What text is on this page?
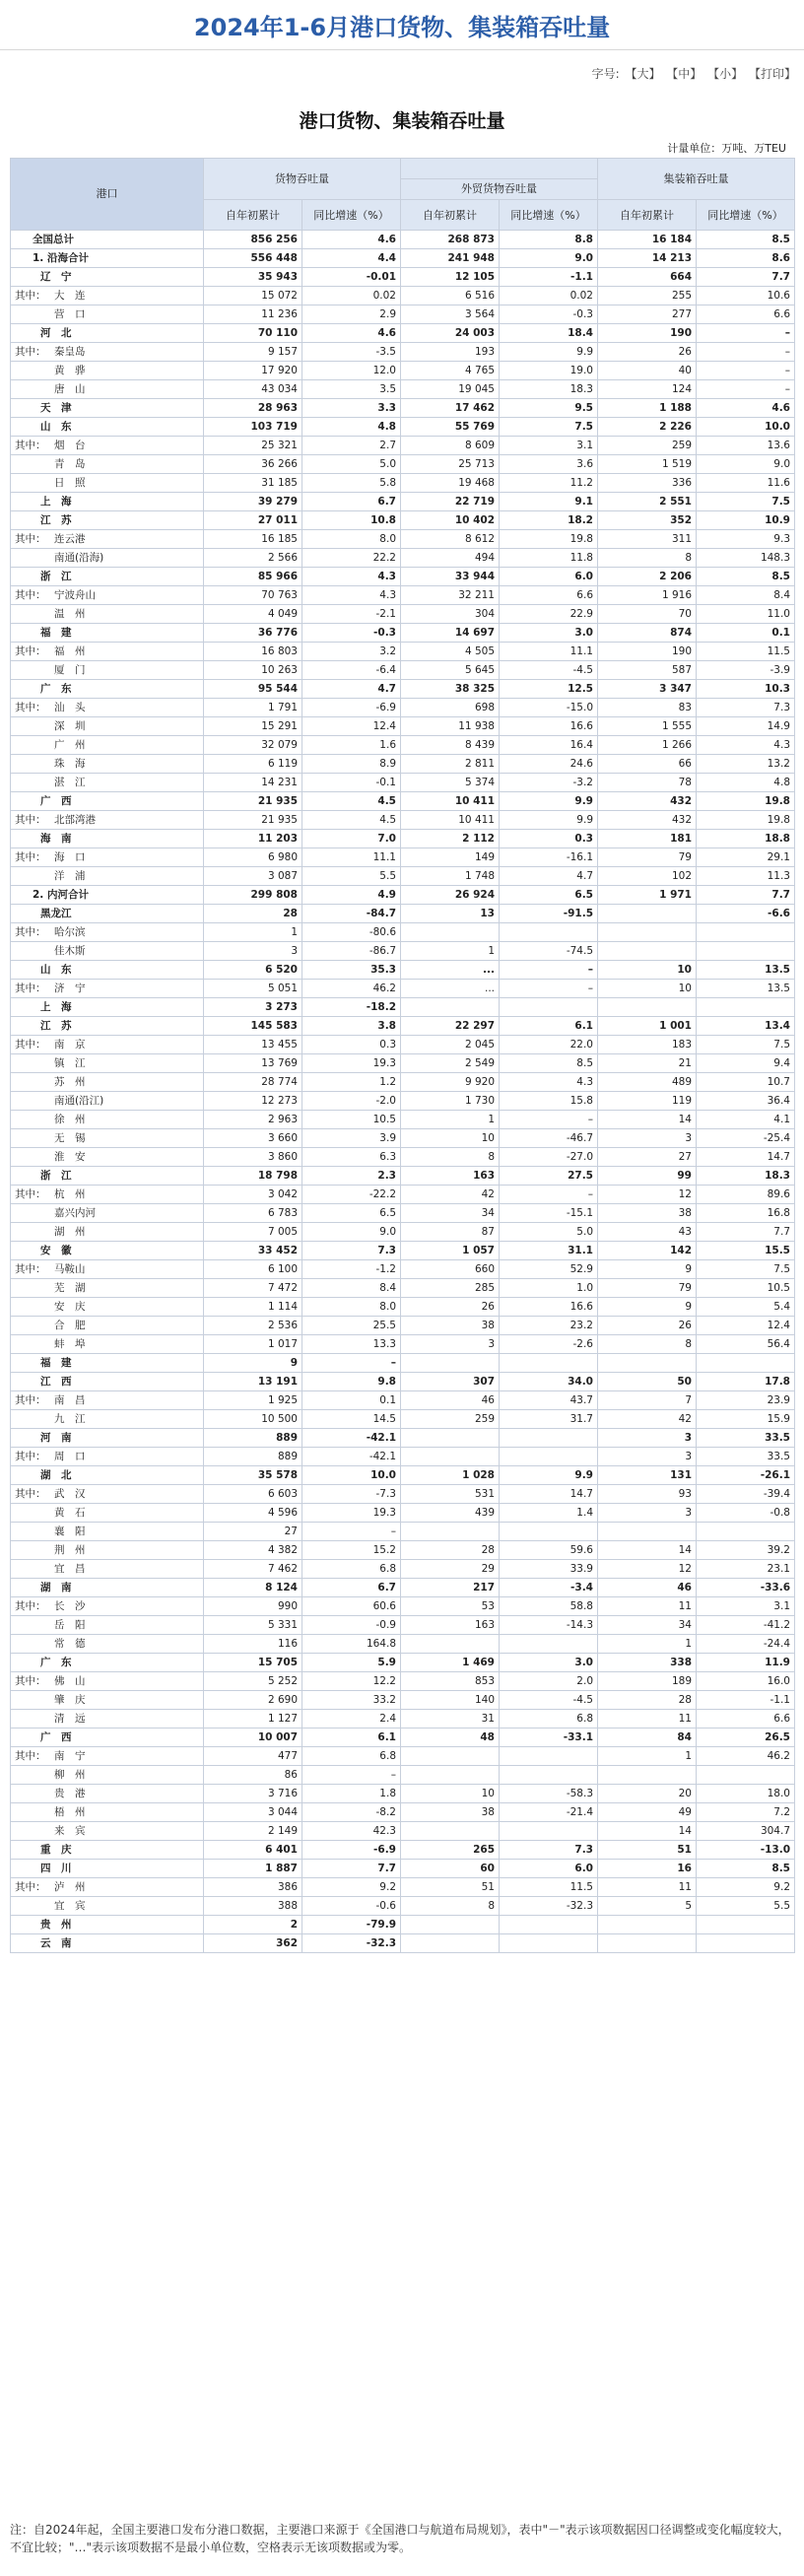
2024年1-6月港口货物、集装箱吞吐量
字号: 【大】 【中】 【小】 【打印】
港口货物、集装箱吞吐量
计量单位：万吨、万TEU
港口	货物吞吐量				集装箱吞吐量	
			外贸货物吞吐量			
	自年初累计	同比增速（%）	自年初累计	同比增速（%）	自年初累计	同比增速（%）
全国总计	856 256	4.6	268 873	8.8	16 184	8.5
1. 沿海合计	556 448	4.4	241 948	9.0	14 213	8.6
辽　宁	35 943	-0.01	12 105	-1.1	664	7.7
其中： 大　连	15 072	0.02	6 516	0.02	255	10.6
营　口	11 236	2.9	3 564	-0.3	277	6.6
河　北	70 110	4.6	24 003	18.4	190	–
其中： 秦皇岛	9 157	-3.5	193	9.9	26	–
黄　骅	17 920	12.0	4 765	19.0	40	–
唐　山	43 034	3.5	19 045	18.3	124	–
天　津	28 963	3.3	17 462	9.5	1 188	4.6
山　东	103 719	4.8	55 769	7.5	2 226	10.0
其中： 烟　台	25 321	2.7	8 609	3.1	259	13.6
青　岛	36 266	5.0	25 713	3.6	1 519	9.0
日　照	31 185	5.8	19 468	11.2	336	11.6
上　海	39 279	6.7	22 719	9.1	2 551	7.5
江　苏	27 011	10.8	10 402	18.2	352	10.9
其中： 连云港	16 185	8.0	8 612	19.8	311	9.3
南通(沿海)	2 566	22.2	494	11.8	8	148.3
浙　江	85 966	4.3	33 944	6.0	2 206	8.5
其中： 宁波舟山	70 763	4.3	32 211	6.6	1 916	8.4
温　州	4 049	-2.1	304	22.9	70	11.0
福　建	36 776	-0.3	14 697	3.0	874	0.1
其中： 福　州	16 803	3.2	4 505	11.1	190	11.5
厦　门	10 263	-6.4	5 645	-4.5	587	-3.9
广　东	95 544	4.7	38 325	12.5	3 347	10.3
其中： 汕　头	1 791	-6.9	698	-15.0	83	7.3
深　圳	15 291	12.4	11 938	16.6	1 555	14.9
广　州	32 079	1.6	8 439	16.4	1 266	4.3
珠　海	6 119	8.9	2 811	24.6	66	13.2
湛　江	14 231	-0.1	5 374	-3.2	78	4.8
广　西	21 935	4.5	10 411	9.9	432	19.8
其中： 北部湾港	21 935	4.5	10 411	9.9	432	19.8
海　南	11 203	7.0	2 112	0.3	181	18.8
其中： 海　口	6 980	11.1	149	-16.1	79	29.1
洋　浦	3 087	5.5	1 748	4.7	102	11.3
2. 内河合计	299 808	4.9	26 924	6.5	1 971	7.7
黑龙江	28	-84.7	13	-91.5		-6.6
其中： 哈尔滨	1	-80.6				
佳木斯	3	-86.7	1	-74.5		
山　东	6 520	35.3	...	–	10	13.5
其中： 济　宁	5 051	46.2	...	–	10	13.5
上　海	3 273	-18.2				
江　苏	145 583	3.8	22 297	6.1	1 001	13.4
其中： 南　京	13 455	0.3	2 045	22.0	183	7.5
镇　江	13 769	19.3	2 549	8.5	21	9.4
苏　州	28 774	1.2	9 920	4.3	489	10.7
南通(沿江)	12 273	-2.0	1 730	15.8	119	36.4
徐　州	2 963	10.5	1	–	14	4.1
无　锡	3 660	3.9	10	-46.7	3	-25.4
淮　安	3 860	6.3	8	-27.0	27	14.7
浙　江	18 798	2.3	163	27.5	99	18.3
其中： 杭　州	3 042	-22.2	42	–	12	89.6
嘉兴内河	6 783	6.5	34	-15.1	38	16.8
湖　州	7 005	9.0	87	5.0	43	7.7
安　徽	33 452	7.3	1 057	31.1	142	15.5
其中： 马鞍山	6 100	-1.2	660	52.9	9	7.5
芜　湖	7 472	8.4	285	1.0	79	10.5
安　庆	1 114	8.0	26	16.6	9	5.4
合　肥	2 536	25.5	38	23.2	26	12.4
蚌　埠	1 017	13.3	3	-2.6	8	56.4
福　建	9	–				
江　西	13 191	9.8	307	34.0	50	17.8
其中： 南　昌	1 925	0.1	46	43.7	7	23.9
九　江	10 500	14.5	259	31.7	42	15.9
河　南	889	-42.1			3	33.5
其中： 周　口	889	-42.1			3	33.5
湖　北	35 578	10.0	1 028	9.9	131	-26.1
其中： 武　汉	6 603	-7.3	531	14.7	93	-39.4
黄　石	4 596	19.3	439	1.4	3	-0.8
襄　阳	27	–				
荆　州	4 382	15.2	28	59.6	14	39.2
宜　昌	7 462	6.8	29	33.9	12	23.1
湖　南	8 124	6.7	217	-3.4	46	-33.6
其中： 长　沙	990	60.6	53	58.8	11	3.1
岳　阳	5 331	-0.9	163	-14.3	34	-41.2
常　德	116	164.8			1	-24.4
广　东	15 705	5.9	1 469	3.0	338	11.9
其中： 佛　山	5 252	12.2	853	2.0	189	16.0
肇　庆	2 690	33.2	140	-4.5	28	-1.1
清　远	1 127	2.4	31	6.8	11	6.6
广　西	10 007	6.1	48	-33.1	84	26.5
其中： 南　宁	477	6.8			1	46.2
柳　州	86	–				
贵　港	3 716	1.8	10	-58.3	20	18.0
梧　州	3 044	-8.2	38	-21.4	49	7.2
来　宾	2 149	42.3			14	304.7
重　庆	6 401	-6.9	265	7.3	51	-13.0
四　川	1 887	7.7	60	6.0	16	8.5
其中： 泸　州	386	9.2	51	11.5	11	9.2
宜　宾	388	-0.6	8	-32.3	5	5.5
贵　州	2	-79.9				
云　南	362	-32.3				
注：自2024年起，全国主要港口发布分港口数据，主要港口来源于《全国港口与航道布局规划》，表中"－"表示该项数据因口径调整或变化幅度较大，不宜比较；"…"表示该项数据不是最小单位数，空格表示无该项数据或为零。
